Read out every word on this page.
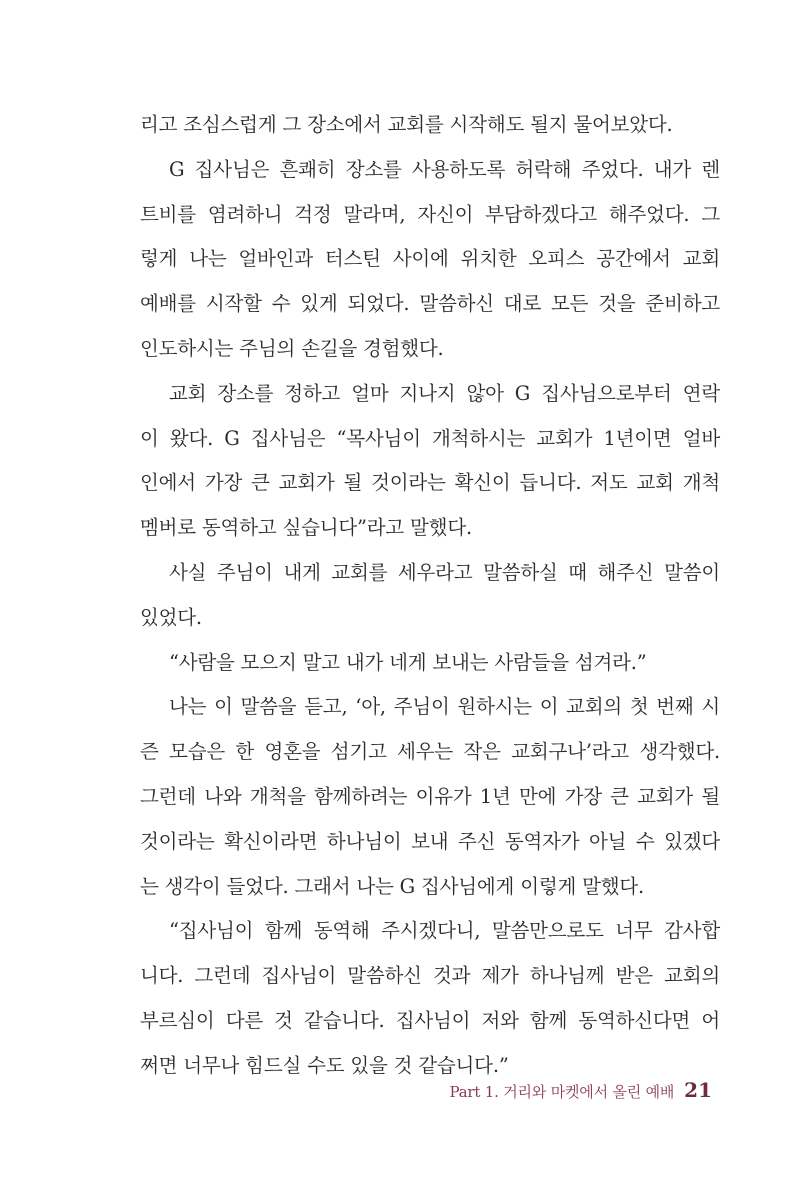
리고 조심스럽게 그 장소에서 교회를 시작해도 될지 물어보았다.
G 집사님은 흔쾌히 장소를 사용하도록 허락해 주었다. 내가 렌
트비를 염려하니 걱정 말라며, 자신이 부담하겠다고 해주었다. 그
렇게 나는 얼바인과 터스틴 사이에 위치한 오피스 공간에서 교회
예배를 시작할 수 있게 되었다. 말씀하신 대로 모든 것을 준비하고
인도하시는 주님의 손길을 경험했다.
교회 장소를 정하고 얼마 지나지 않아 G 집사님으로부터 연락
이 왔다. G 집사님은 “목사님이 개척하시는 교회가 1년이면 얼바
인에서 가장 큰 교회가 될 것이라는 확신이 듭니다. 저도 교회 개척
멤버로 동역하고 싶습니다”라고 말했다.
사실 주님이 내게 교회를 세우라고 말씀하실 때 해주신 말씀이
있었다.
“사람을 모으지 말고 내가 네게 보내는 사람들을 섬겨라.”
나는 이 말씀을 듣고, ‘아, 주님이 원하시는 이 교회의 첫 번째 시
즌 모습은 한 영혼을 섬기고 세우는 작은 교회구나’라고 생각했다.
그런데 나와 개척을 함께하려는 이유가 1년 만에 가장 큰 교회가 될
것이라는 확신이라면 하나님이 보내 주신 동역자가 아닐 수 있겠다
는 생각이 들었다. 그래서 나는 G 집사님에게 이렇게 말했다.
“집사님이 함께 동역해 주시겠다니, 말씀만으로도 너무 감사합
니다. 그런데 집사님이 말씀하신 것과 제가 하나님께 받은 교회의
부르심이 다른 것 같습니다. 집사님이 저와 함께 동역하신다면 어
쩌면 너무나 힘드실 수도 있을 것 같습니다.”
Part 1. 거리와 마켓에서 올린 예배 21
